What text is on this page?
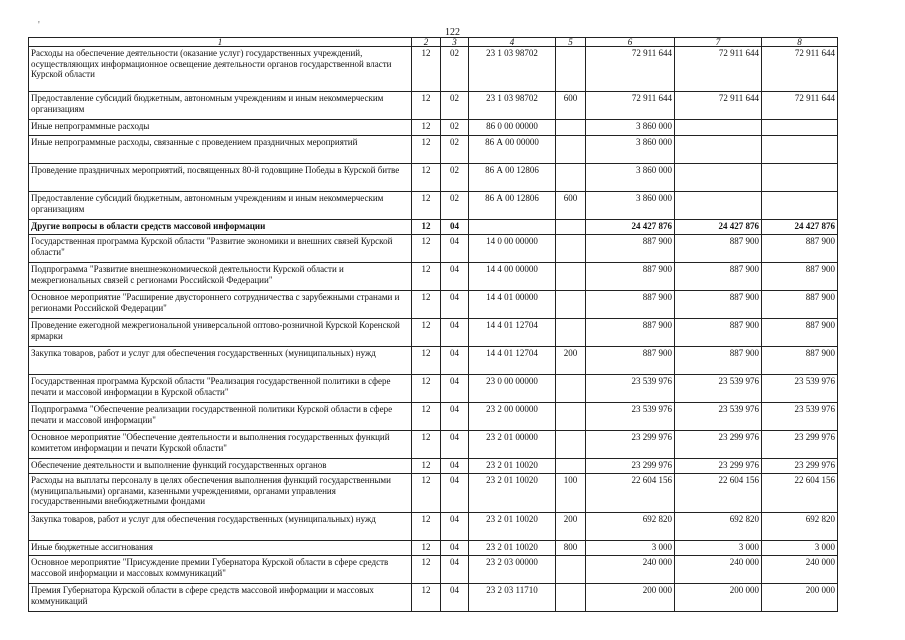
'
122
1	2	3	4	5	6	7	8
Расходы на обеспечение деятельности (оказание услуг) государственных учреждений, осуществляющих информационное освещение деятельности органов государственной власти Курской области	12	02	23 1 03 98702		72 911 644	72 911 644	72 911 644
Предоставление субсидий бюджетным, автономным учреждениям и иным некоммерческим организациям	12	02	23 1 03 98702	600	72 911 644	72 911 644	72 911 644
Иные непрограммные расходы	12	02	86 0 00 00000		3 860 000		
Иные непрограммные расходы, связанные с проведением праздничных мероприятий	12	02	86 А 00 00000		3 860 000		
Проведение праздничных мероприятий, посвященных 80-й годовщине Победы в Курской битве	12	02	86 А 00 12806		3 860 000		
Предоставление субсидий бюджетным, автономным учреждениям и иным некоммерческим организациям	12	02	86 А 00 12806	600	3 860 000		
Другие вопросы в области средств массовой информации	12	04			24 427 876	24 427 876	24 427 876
Государственная программа Курской области "Развитие экономики и внешних связей Курской области"	12	04	14 0 00 00000		887 900	887 900	887 900
Подпрограмма "Развитие внешнеэкономической деятельности Курской области и межрегиональных связей с регионами Российской Федерации"	12	04	14 4 00 00000		887 900	887 900	887 900
Основное мероприятие "Расширение двустороннего сотрудничества с зарубежными странами и регионами Российской Федерации"	12	04	14 4 01 00000		887 900	887 900	887 900
Проведение ежегодной межрегиональной универсальной оптово-розничной Курской Коренской ярмарки	12	04	14 4 01 12704		887 900	887 900	887 900
Закупка товаров, работ и услуг для обеспечения государственных (муниципальных) нужд	12	04	14 4 01 12704	200	887 900	887 900	887 900
Государственная программа Курской области "Реализация государственной политики в сфере печати и массовой информации в Курской области"	12	04	23 0 00 00000		23 539 976	23 539 976	23 539 976
Подпрограмма "Обеспечение реализации государственной политики Курской области в сфере печати и массовой информации"	12	04	23 2 00 00000		23 539 976	23 539 976	23 539 976
Основное мероприятие "Обеспечение деятельности и выполнения государственных функций комитетом информации и печати Курской области"	12	04	23 2 01 00000		23 299 976	23 299 976	23 299 976
Обеспечение деятельности и выполнение функций государственных органов	12	04	23 2 01 10020		23 299 976	23 299 976	23 299 976
Расходы на выплаты персоналу в целях обеспечения выполнения функций государственными (муниципальными) органами, казенными учреждениями, органами управления государственными внебюджетными фондами	12	04	23 2 01 10020	100	22 604 156	22 604 156	22 604 156
Закупка товаров, работ и услуг для обеспечения государственных (муниципальных) нужд	12	04	23 2 01 10020	200	692 820	692 820	692 820
Иные бюджетные ассигнования	12	04	23 2 01 10020	800	3 000	3 000	3 000
Основное мероприятие "Присуждение премии Губернатора Курской области в сфере средств массовой информации и массовых коммуникаций"	12	04	23 2 03 00000		240 000	240 000	240 000
Премия Губернатора Курской области в сфере средств массовой информации и массовых коммуникаций	12	04	23 2 03 11710		200 000	200 000	200 000
